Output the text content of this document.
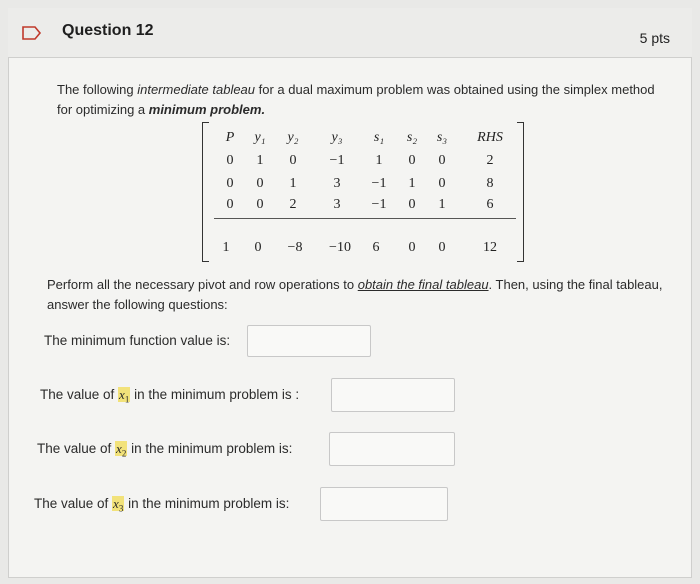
Question 12	5 pts
The following intermediate tableau for a dual maximum problem was obtained using the simplex method for optimizing a minimum problem.
P	y₁	y₂	y₃	s₁	s₂	s₃	RHS
0	1	0	−1	1	0	0	2
0	0	1	3	−1	1	0	8
0	0	2	3	−1	0	1	6
1	0	−8	−10	6	0	0	12
Perform all the necessary pivot and row operations to obtain the final tableau. Then, using the final tableau, answer the following questions:
The minimum function value is:
The value of $x_1$ in the minimum problem is :
The value of $x_2$ in the minimum problem is:
The value of $x_3$ in the minimum problem is:
